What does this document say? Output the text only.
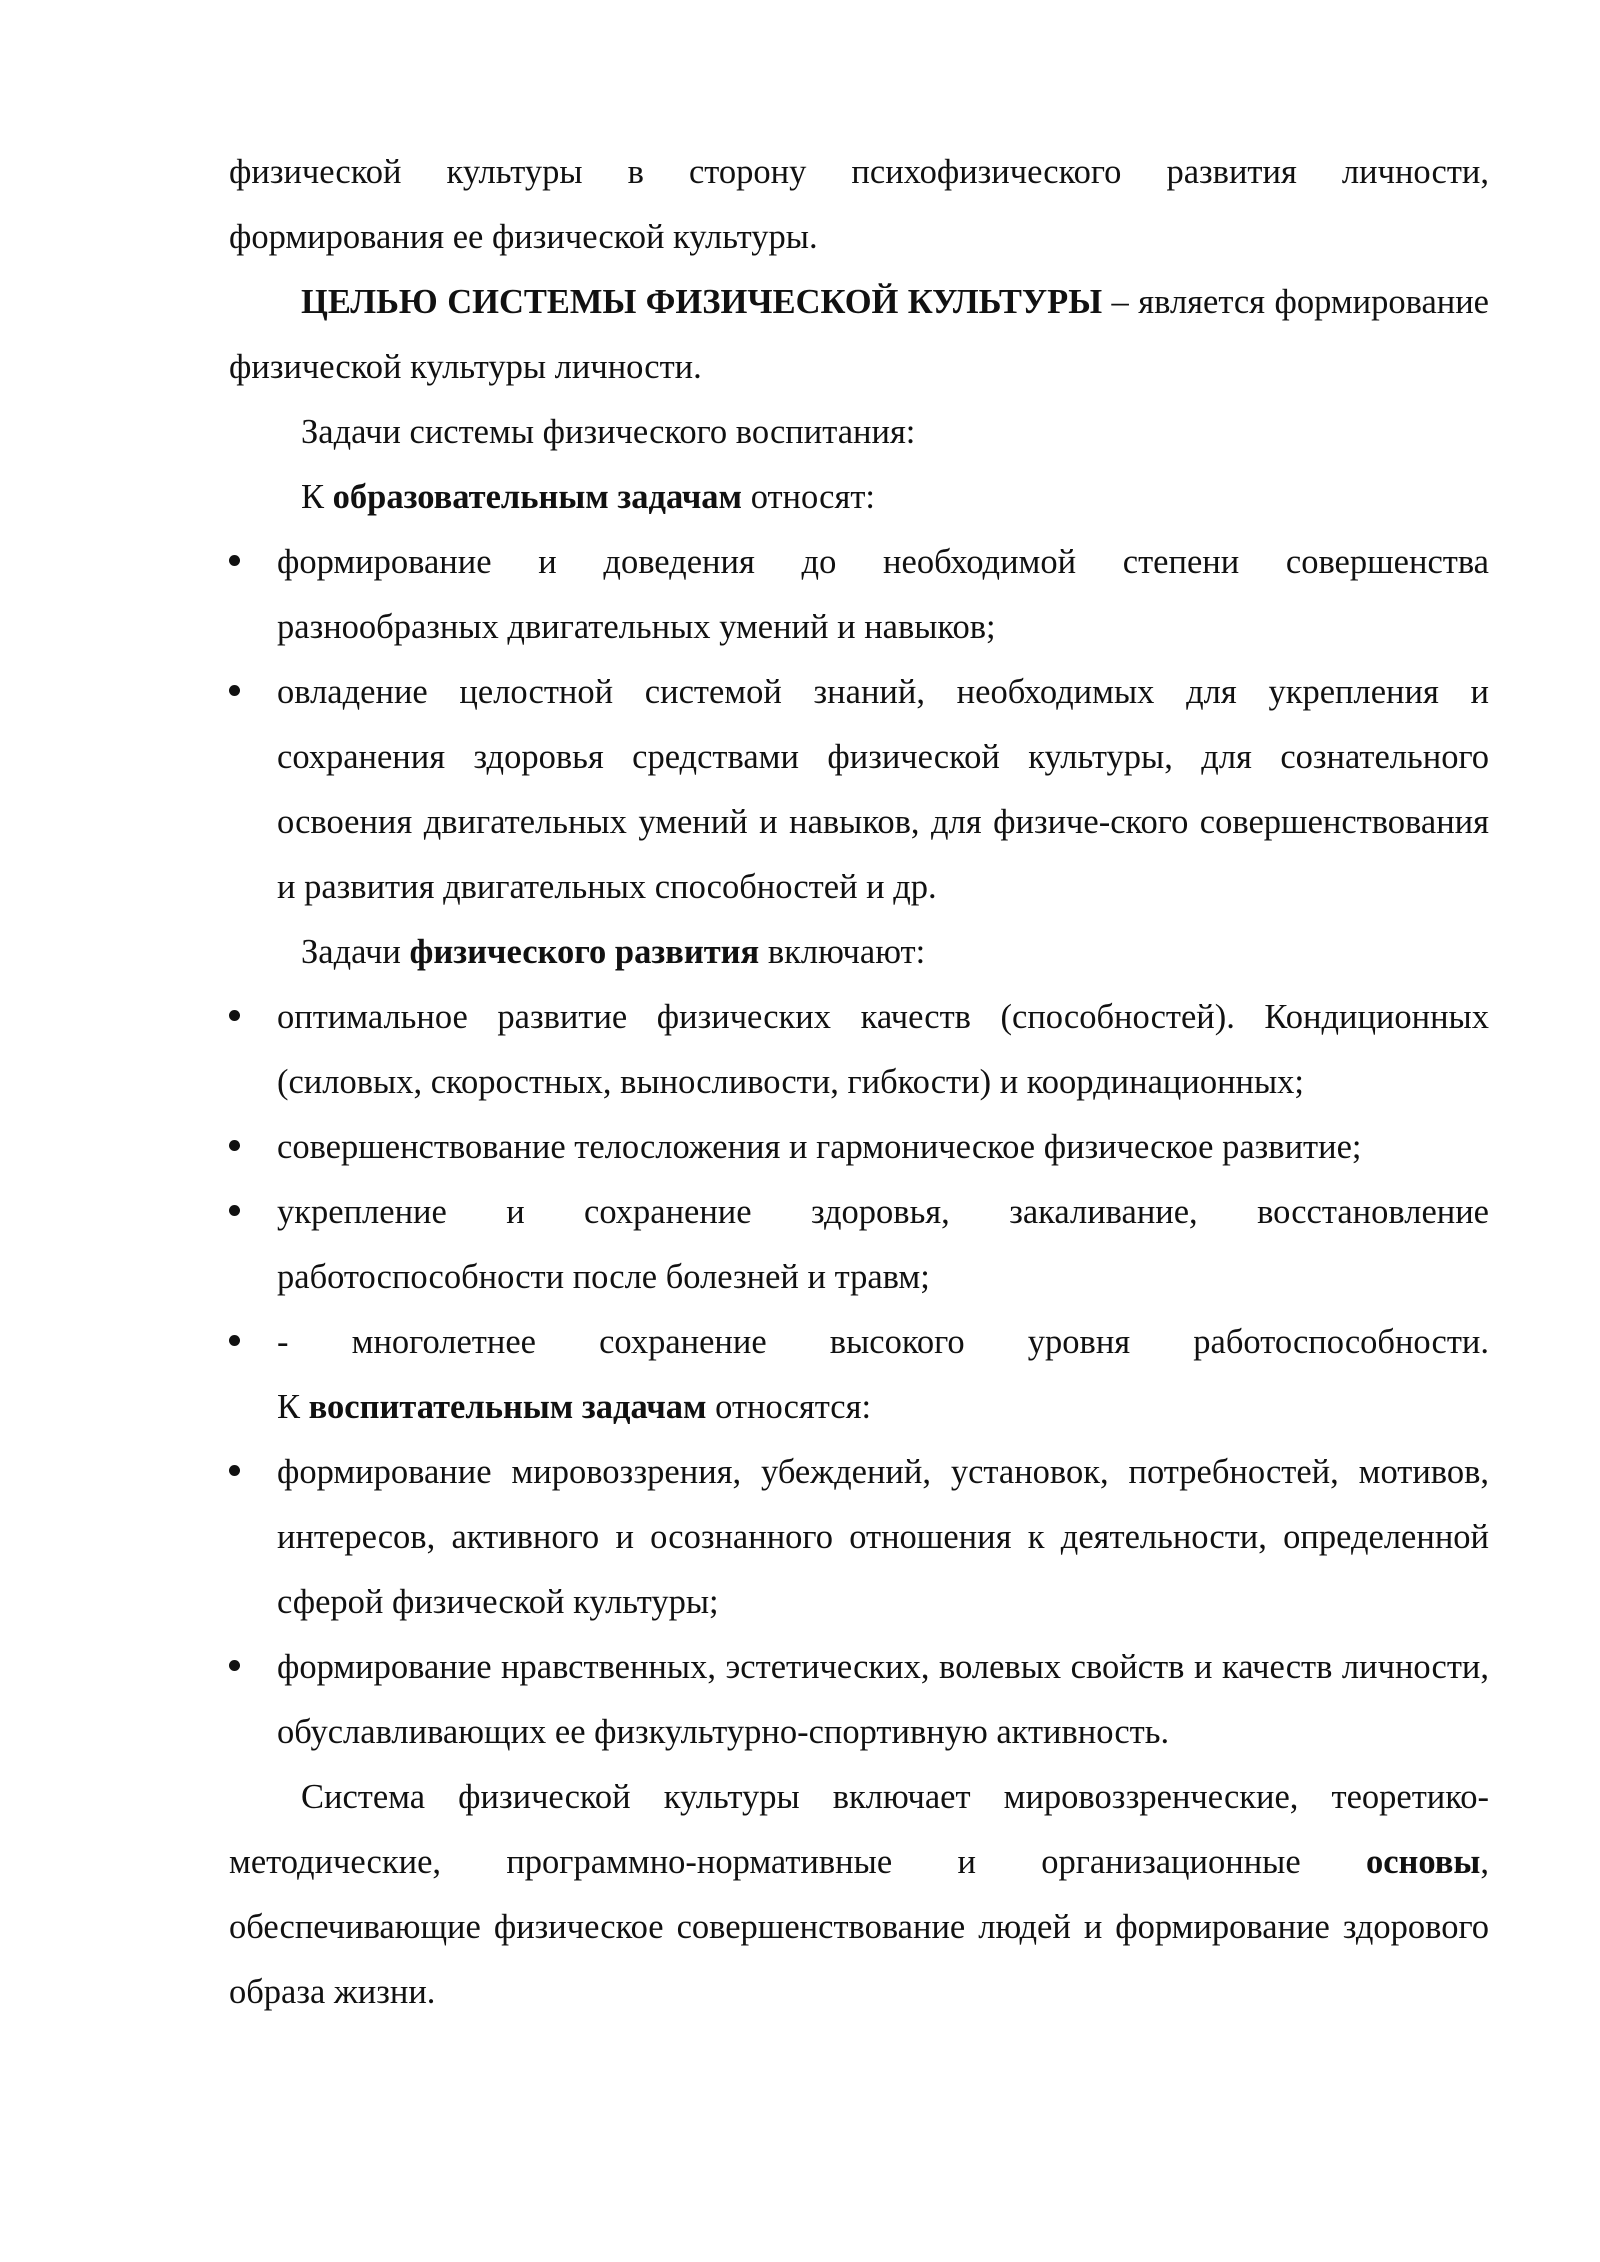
физической культуры в сторону психофизического развития личности, формирования ее физической культуры.

ЦЕЛЬЮ СИСТЕМЫ ФИЗИЧЕСКОЙ КУЛЬТУРЫ – является формирование физической культуры личности.

Задачи системы физического воспитания:

К образовательным задачам относят:

формирование и доведения до необходимой степени совершенства разнообразных двигательных умений и навыков;
овладение целостной системой знаний, необходимых для укрепления и сохранения здоровья средствами физической культуры, для сознательного освоения двигательных умений и навыков, для физиче-ского совершенствования и развития двигательных способностей и др.

Задачи физического развития включают:

оптимальное развитие физических качеств (способностей). Кондиционных (силовых, скоростных, выносливости, гибкости) и координационных;
совершенствование телосложения и гармоническое физическое развитие;
укрепление и сохранение здоровья, закаливание, восстановление работоспособности после болезней и травм;
- многолетнее сохранение высокого уровня работоспособности.

К воспитательным задачам относятся:

формирование мировоззрения, убеждений, установок, потребностей, мотивов, интересов, активного и осознанного отношения к деятельности, определенной сферой физической культуры;
формирование нравственных, эстетических, волевых свойств и качеств личности, обуславливающих ее физкультурно-спортивную активность.

Система физической культуры включает мировоззренческие, теоретико-методические, программно-нормативные и организационные основы, обеспечивающие физическое совершенствование людей и формирование здорового образа жизни.
